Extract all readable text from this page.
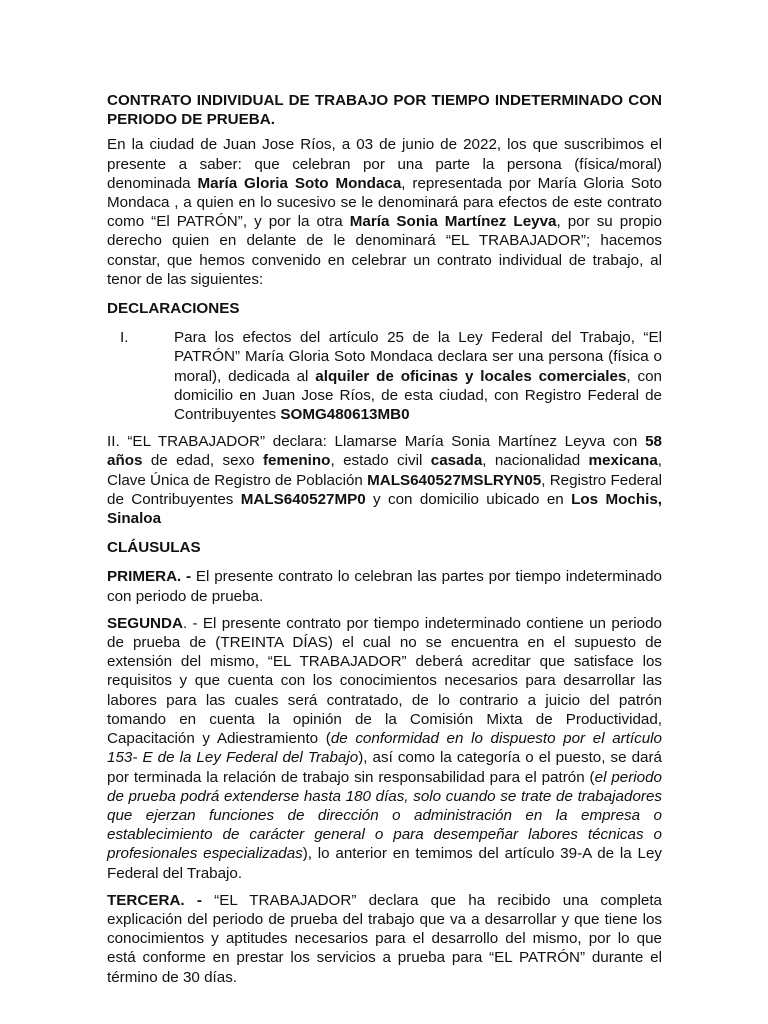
CONTRATO INDIVIDUAL DE TRABAJO POR TIEMPO INDETERMINADO CON PERIODO DE PRUEBA.

En la ciudad de Juan Jose Ríos, a 03 de junio de 2022, los que suscribimos el presente a saber: que celebran por una parte la persona (física/moral) denominada María Gloria Soto Mondaca, representada por María Gloria Soto Mondaca , a quien en lo sucesivo se le denominará para efectos de este contrato como “El PATRÓN”, y por la otra María Sonia Martínez Leyva, por su propio derecho quien en delante de le denominará “EL TRABAJADOR”; hacemos constar, que hemos convenido en celebrar un contrato individual de trabajo, al tenor de las siguientes:

DECLARACIONES

I.	Para los efectos del artículo 25 de la Ley Federal del Trabajo, “El PATRÓN” María Gloria Soto Mondaca declara ser una persona (física o moral), dedicada al alquiler de oficinas y locales comerciales, con domicilio en Juan Jose Ríos, de esta ciudad, con Registro Federal de Contribuyentes SOMG480613MB0

II. “EL TRABAJADOR” declara: Llamarse María Sonia Martínez Leyva con 58 años de edad, sexo femenino, estado civil casada, nacionalidad mexicana, Clave Única de Registro de Población MALS640527MSLRYN05, Registro Federal de Contribuyentes MALS640527MP0 y con domicilio ubicado en Los Mochis, Sinaloa

CLÁUSULAS

PRIMERA. - El presente contrato lo celebran las partes por tiempo indeterminado con periodo de prueba.

SEGUNDA. - El presente contrato por tiempo indeterminado contiene un periodo de prueba de (TREINTA DÍAS) el cual no se encuentra en el supuesto de extensión del mismo, “EL TRABAJADOR” deberá acreditar que satisface los requisitos y que cuenta con los conocimientos necesarios para desarrollar las labores para las cuales será contratado, de lo contrario a juicio del patrón tomando en cuenta la opinión de la Comisión Mixta de Productividad, Capacitación y Adiestramiento (de conformidad en lo dispuesto por el artículo 153- E de la Ley Federal del Trabajo), así como la categoría o el puesto, se dará por terminada la relación de trabajo sin responsabilidad para el patrón (el periodo de prueba podrá extenderse hasta 180 días, solo cuando se trate de trabajadores que ejerzan funciones de dirección o administración en la empresa o establecimiento de carácter general o para desempeñar labores técnicas o profesionales especializadas), lo anterior en temimos del artículo 39-A de la Ley Federal del Trabajo.

TERCERA. - “EL TRABAJADOR” declara que ha recibido una completa explicación del periodo de prueba del trabajo que va a desarrollar y que tiene los conocimientos y aptitudes necesarios para el desarrollo del mismo, por lo que está conforme en prestar los servicios a prueba para “EL PATRÓN” durante el término de 30 días.
